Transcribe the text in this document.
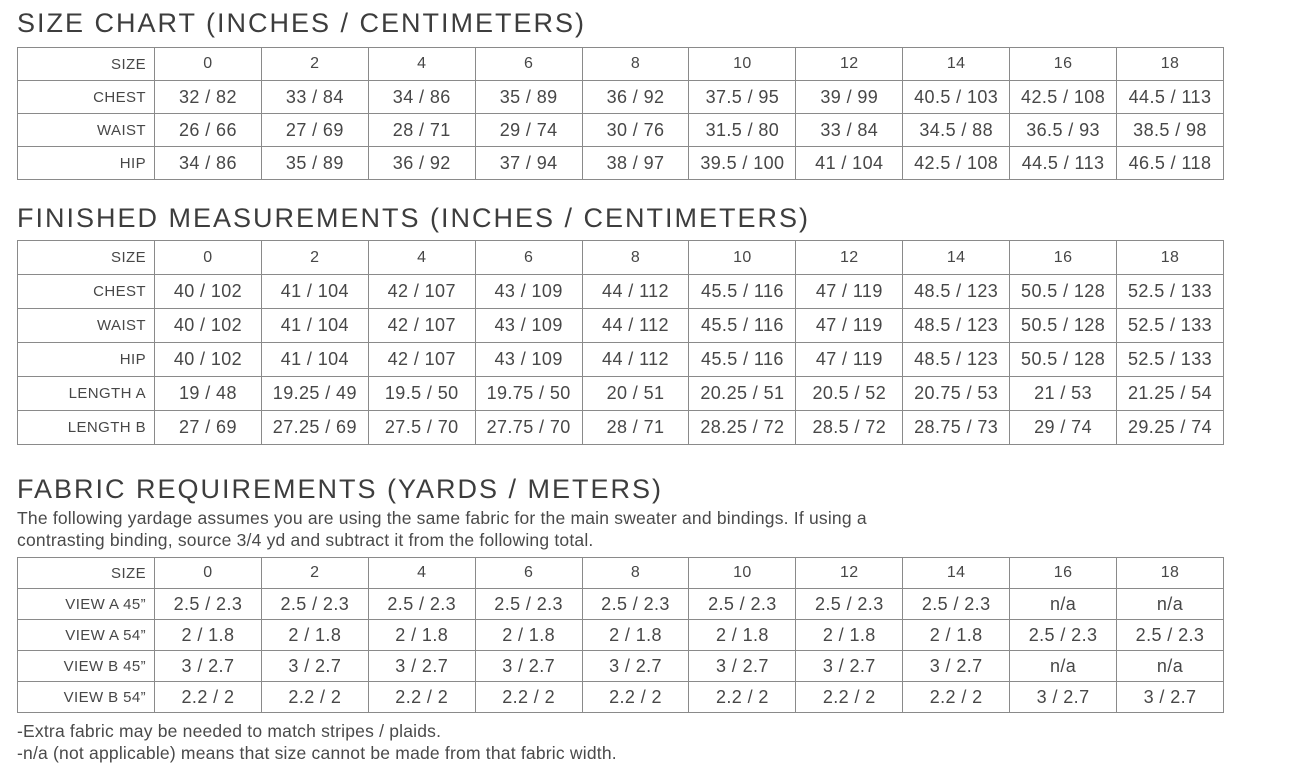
SIZE CHART (INCHES / CENTIMETERS)
SIZE	0	2	4	6	8	10	12	14	16	18
CHEST	32 / 82	33 / 84	34 / 86	35 / 89	36 / 92	37.5 / 95	39 / 99	40.5 / 103	42.5 / 108	44.5 / 113
WAIST	26 / 66	27 / 69	28 / 71	29 / 74	30 / 76	31.5 / 80	33 / 84	34.5 / 88	36.5 / 93	38.5 / 98
HIP	34 / 86	35 / 89	36 / 92	37 / 94	38 / 97	39.5 / 100	41 / 104	42.5 / 108	44.5 / 113	46.5 / 118
FINISHED MEASUREMENTS (INCHES / CENTIMETERS)
SIZE	0	2	4	6	8	10	12	14	16	18
CHEST	40 / 102	41 / 104	42 / 107	43 / 109	44 / 112	45.5 / 116	47 / 119	48.5 / 123	50.5 / 128	52.5 / 133
WAIST	40 / 102	41 / 104	42 / 107	43 / 109	44 / 112	45.5 / 116	47 / 119	48.5 / 123	50.5 / 128	52.5 / 133
HIP	40 / 102	41 / 104	42 / 107	43 / 109	44 / 112	45.5 / 116	47 / 119	48.5 / 123	50.5 / 128	52.5 / 133
LENGTH A	19 / 48	19.25 / 49	19.5 / 50	19.75 / 50	20 / 51	20.25 / 51	20.5 / 52	20.75 / 53	21 / 53	21.25 / 54
LENGTH B	27 / 69	27.25 / 69	27.5 / 70	27.75 / 70	28 / 71	28.25 / 72	28.5 / 72	28.75 / 73	29 / 74	29.25 / 74
FABRIC REQUIREMENTS (YARDS / METERS)
The following yardage assumes you are using the same fabric for the main sweater and bindings. If using a
contrasting binding, source 3/4 yd and subtract it from the following total.
SIZE	0	2	4	6	8	10	12	14	16	18
VIEW A 45”	2.5 / 2.3	2.5 / 2.3	2.5 / 2.3	2.5 / 2.3	2.5 / 2.3	2.5 / 2.3	2.5 / 2.3	2.5 / 2.3	n/a	n/a
VIEW A 54”	2 / 1.8	2 / 1.8	2 / 1.8	2 / 1.8	2 / 1.8	2 / 1.8	2 / 1.8	2 / 1.8	2.5 / 2.3	2.5 / 2.3
VIEW B 45”	3 / 2.7	3 / 2.7	3 / 2.7	3 / 2.7	3 / 2.7	3 / 2.7	3 / 2.7	3 / 2.7	n/a	n/a
VIEW B 54”	2.2 / 2	2.2 / 2	2.2 / 2	2.2 / 2	2.2 / 2	2.2 / 2	2.2 / 2	2.2 / 2	3 / 2.7	3 / 2.7
-Extra fabric may be needed to match stripes / plaids.
-n/a (not applicable) means that size cannot be made from that fabric width.
